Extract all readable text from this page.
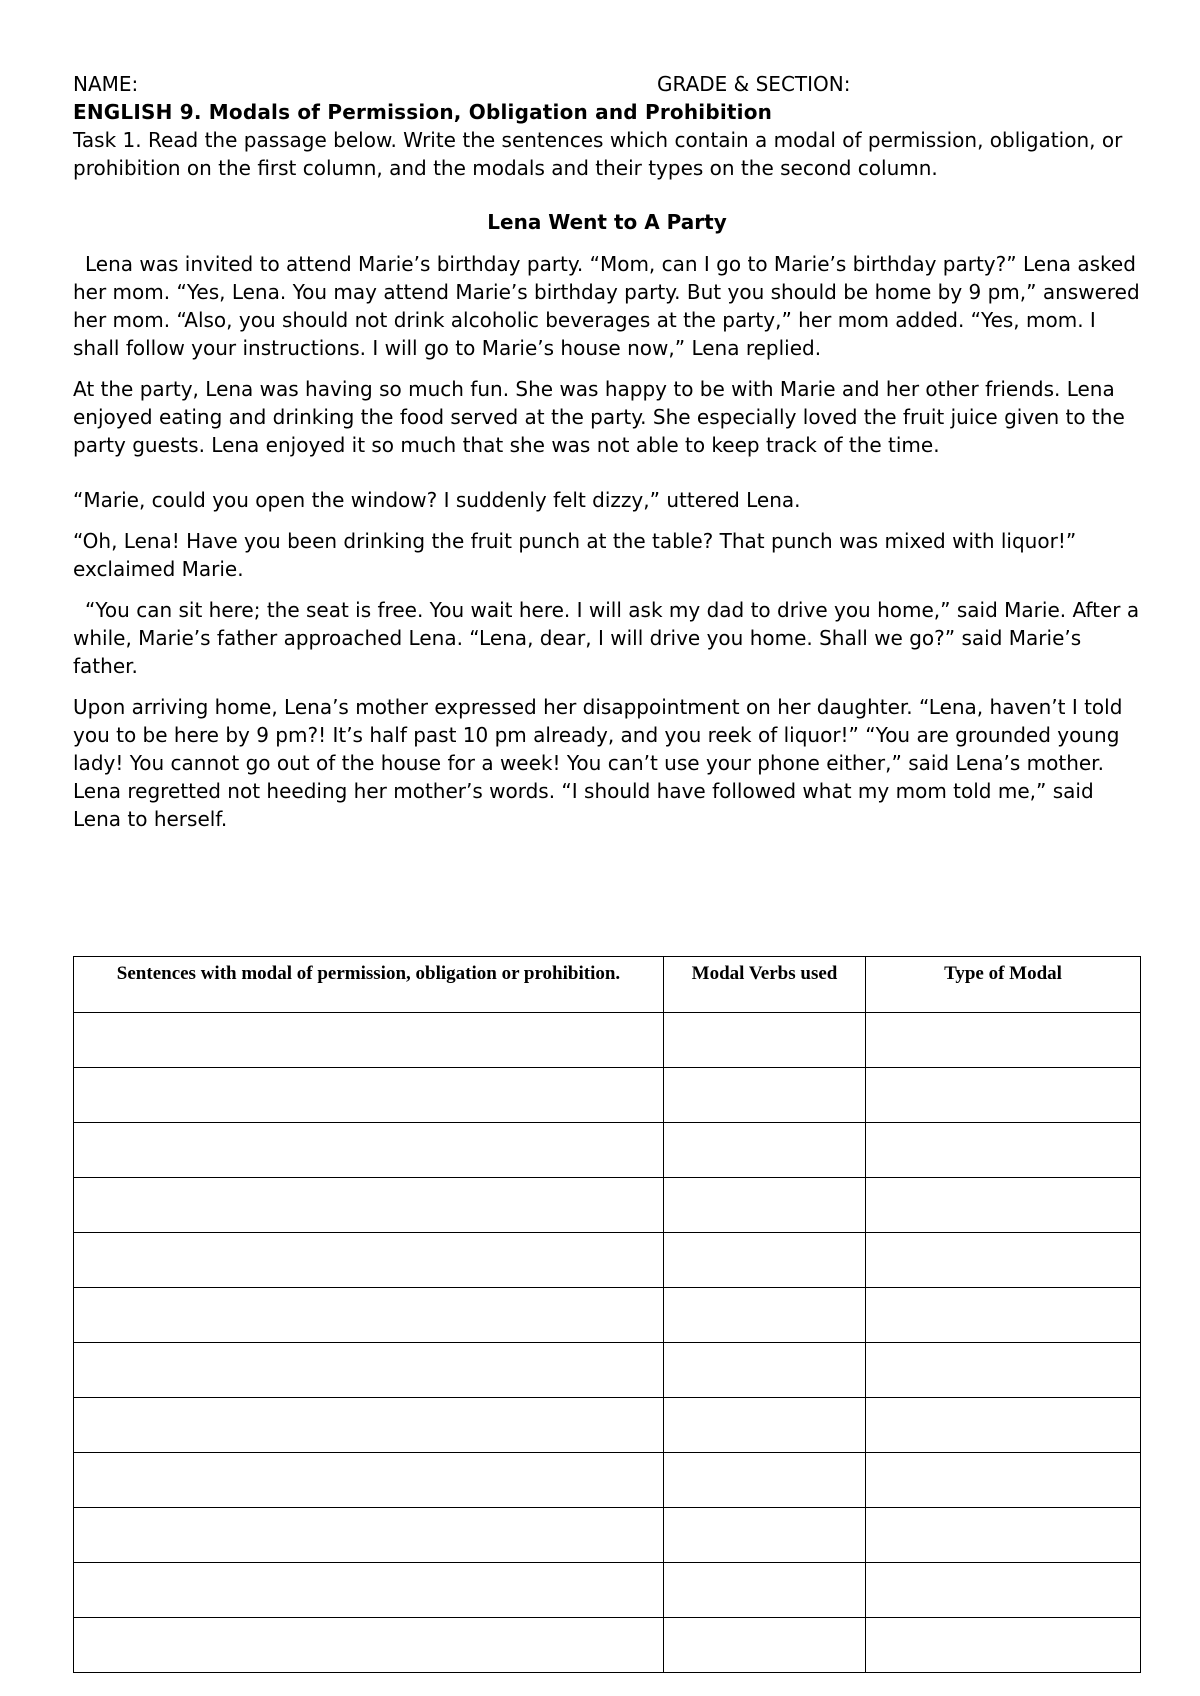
NAME:	GRADE & SECTION:
ENGLISH 9. Modals of Permission, Obligation and Prohibition

Task 1. Read the passage below. Write the sentences which contain a modal of permission, obligation, or prohibition on the first column, and the modals and their types on the second column.

Lena Went to A Party

Lena was invited to attend Marie’s birthday party. “Mom, can I go to Marie’s birthday party?” Lena asked her mom. “Yes, Lena. You may attend Marie’s birthday party. But you should be home by 9 pm,” answered her mom. “Also, you should not drink alcoholic beverages at the party,” her mom added. “Yes, mom. I shall follow your instructions. I will go to Marie’s house now,” Lena replied.

At the party, Lena was having so much fun. She was happy to be with Marie and her other friends. Lena enjoyed eating and drinking the food served at the party. She especially loved the fruit juice given to the party guests. Lena enjoyed it so much that she was not able to keep track of the time.

“Marie, could you open the window? I suddenly felt dizzy,” uttered Lena.

“Oh, Lena! Have you been drinking the fruit punch at the table? That punch was mixed with liquor!” exclaimed Marie.

“You can sit here; the seat is free. You wait here. I will ask my dad to drive you home,” said Marie. After a while, Marie’s father approached Lena. “Lena, dear, I will drive you home. Shall we go?” said Marie’s father.

Upon arriving home, Lena’s mother expressed her disappointment on her daughter. “Lena, haven’t I told you to be here by 9 pm?! It’s half past 10 pm already, and you reek of liquor!” “You are grounded young lady! You cannot go out of the house for a week! You can’t use your phone either,” said Lena’s mother. Lena regretted not heeding her mother’s words. “I should have followed what my mom told me,” said Lena to herself.

Sentences with modal of permission, obligation or prohibition.	Modal Verbs used	Type of Modal
